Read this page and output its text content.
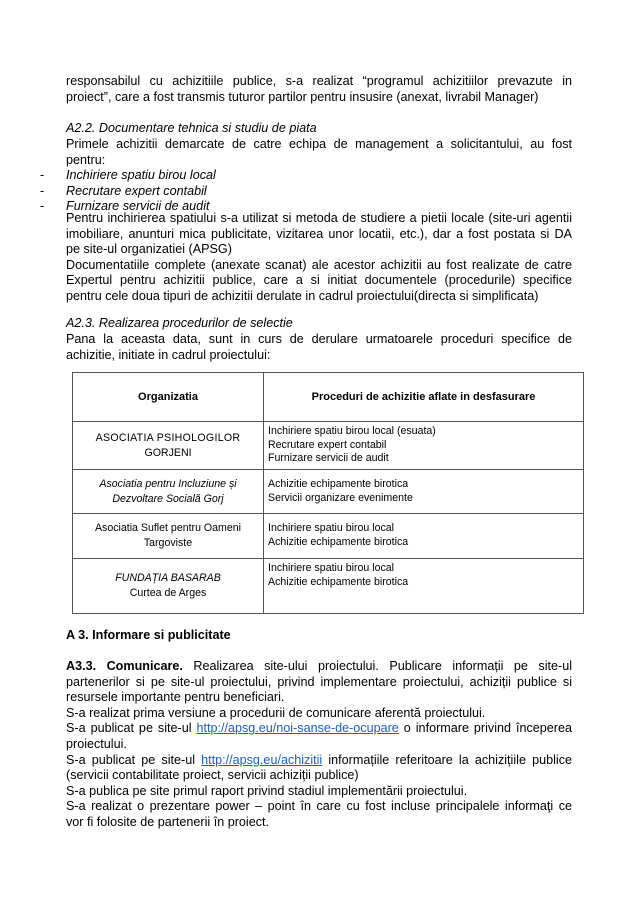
responsabilul cu achizitiile publice, s-a realizat “programul achizitiilor prevazute in
proiect”, care a fost transmis tuturor partilor pentru insusire (anexat, livrabil Manager)
A2.2. Documentare tehnica si studiu de piata
Primele achizitii demarcate de catre echipa de management a solicitantului, au fost
pentru:
- Inchiriere spatiu birou local
- Recrutare expert contabil
- Furnizare servicii de audit
Pentru inchirierea spatiului s-a utilizat si metoda de studiere a pietii locale (site-uri agentii
imobiliare, anunturi mica publicitate, vizitarea unor locatii, etc.), dar a fost postata si DA
pe site-ul organizatiei (APSG)
Documentatiile complete (anexate scanat) ale acestor achizitii au fost realizate de catre
Expertul pentru achizitii publice, care a si initiat documentele (procedurile) specifice
pentru cele doua tipuri de achizitii derulate in cadrul proiectului(directa si simplificata)
A2.3. Realizarea procedurilor de selectie
Pana la aceasta data, sunt in curs de derulare urmatoarele proceduri specifice de
achizitie, initiate in cadrul proiectului:
Organizatia	Proceduri de achizitie aflate in desfasurare

ASOCIATIA PSIHOLOGILOR
GORJENI	Inchiriere spatiu birou local (esuata)
Recrutare expert contabil
Furnizare servicii de audit

Asociatia pentru Incluziune și
Dezvoltare Socială Gorj	Achizitie echipamente birotica
Servicii organizare evenimente

Asociatia Suflet pentru Oameni
Targoviste	Inchiriere spatiu birou local
Achizitie echipamente birotica

FUNDAȚIA BASARAB
Curtea de Arges	Inchiriere spatiu birou local
Achizitie echipamente birotica
A 3. Informare si publicitate
A3.3. Comunicare. Realizarea site-ului proiectului. Publicare informații pe site-ul
partenerilor si pe site-ul proiectului, privind implementare proiectului, achiziții publice si
resursele importante pentru beneficiari.
S-a realizat prima versiune a procedurii de comunicare aferentă proiectului.
S-a publicat pe site-ul http://apsg.eu/noi-sanse-de-ocupare o informare privind începerea
proiectului.
S-a publicat pe site-ul http://apsg.eu/achizitii informațiile referitoare la achizițiile publice
(servicii contabilitate proiect, servicii achiziții publice)
S-a publica pe site primul raport privind stadiul implementării proiectului.
S-a realizat o prezentare power – point în care cu fost incluse principalele informaţi ce
vor fi folosite de partenerii în proiect.
